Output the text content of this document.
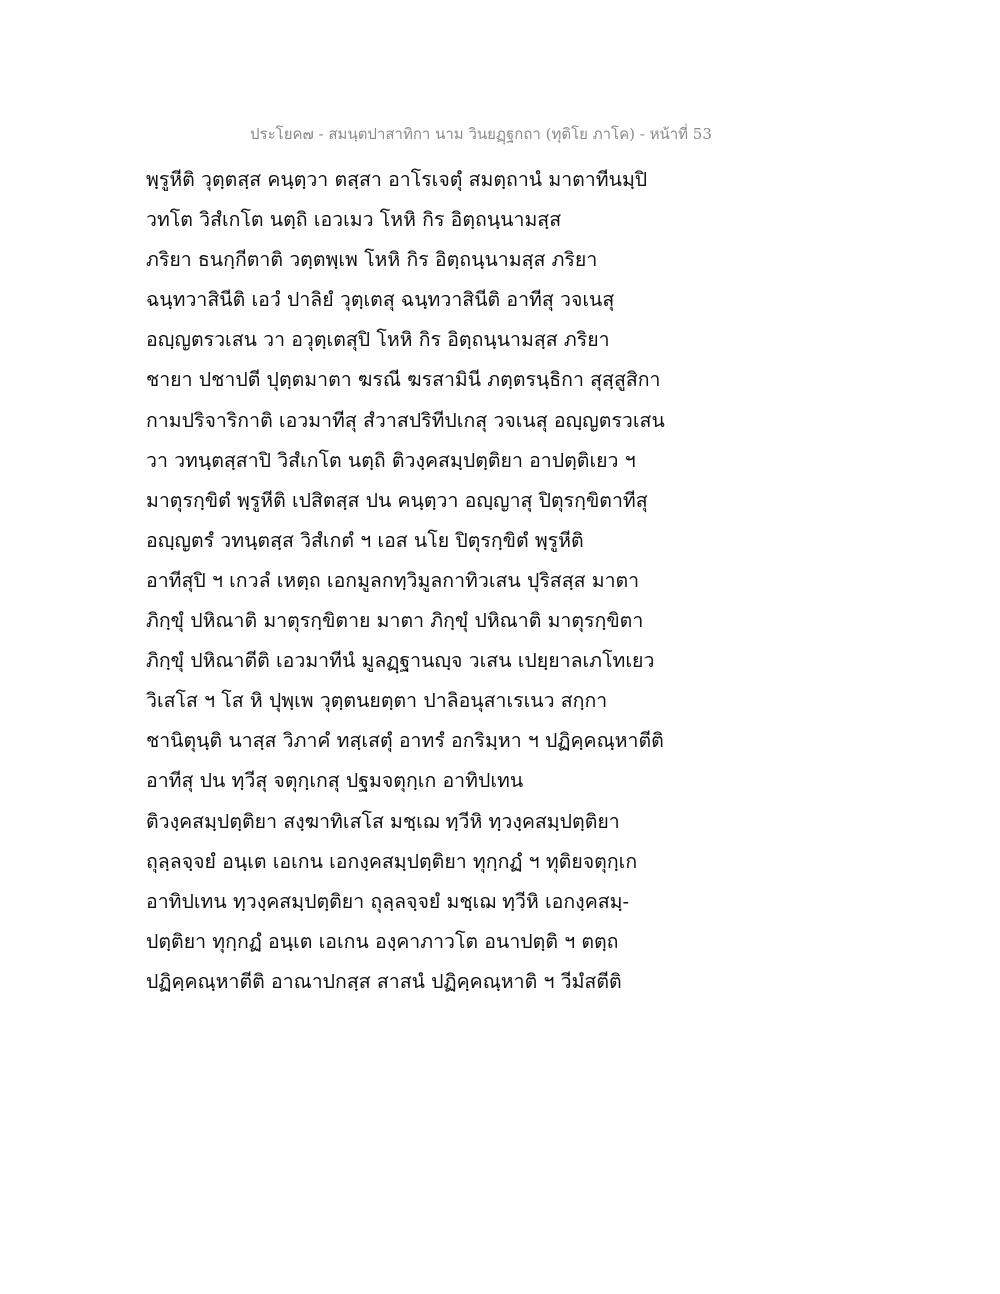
ประโยค๗ - สมนฺตปาสาทิกา นาม วินยฏฺฐกถา (ทุติโย ภาโค) - หน้าที่ 53
พฺรูหีติ วุตฺตสฺส คนฺตฺวา ตสฺสา อาโรเจตุํ สมตฺถานํ มาตาทีนมฺปิ
วทโต วิสํเกโต นตฺถิ เอวเมว โหหิ กิร อิตฺถนฺนามสฺส
ภริยา ธนกฺกีตาติ วตฺตพฺเพ โหหิ กิร อิตฺถนฺนามสฺส ภริยา
ฉนฺทวาสินีติ เอวํ ปาลิยํ วุตฺเตสุ ฉนฺทวาสินีติ อาทีสุ วจเนสุ
อญฺญตรวเสน วา อวุตฺเตสุปิ โหหิ กิร อิตฺถนฺนามสฺส ภริยา
ชายา ปชาปตี ปุตฺตมาตา ฆรณี ฆรสามินี ภตฺตรนฺธิกา สุสฺสูสิกา
กามปริจาริกาติ เอวมาทีสุ สํวาสปริทีปเกสุ วจเนสุ อญฺญตรวเสน
วา วทนฺตสฺสาปิ วิสํเกโต นตฺถิ ติวงฺคสมฺปตฺติยา อาปตฺติเยว ฯ
มาตุรกฺขิตํ พฺรูหีติ เปสิตสฺส ปน คนฺตฺวา อญฺญาสุ ปิตุรกฺขิตาทีสุ
อญฺญตรํ วทนฺตสฺส วิสํเกตํ ฯ เอส นโย ปิตุรกฺขิตํ พฺรูหีติ
อาทีสุปิ ฯ เกวลํ เหตฺถ เอกมูลกทฺวิมูลกาทิวเสน ปุริสสฺส มาตา
ภิกฺขุํ ปหิณาติ มาตุรกฺขิตาย มาตา ภิกฺขุํ ปหิณาติ มาตุรกฺขิตา
ภิกฺขุํ ปหิณาตีติ เอวมาทีนํ มูลฏฺฐานญฺจ วเสน เปยฺยาลเภโทเยว
วิเสโส ฯ โส หิ ปุพฺเพ วุตฺตนยตฺตา ปาลิอนุสาเรเนว สกฺกา
ชานิตุนฺติ นาสฺส วิภาคํ ทสฺเสตุํ อาทรํ อกริมฺหา ฯ ปฏิคฺคณฺหาตีติ
อาทีสุ ปน ทฺวีสุ จตุกฺเกสุ ปฐมจตุกฺเก อาทิปเทน
ติวงฺคสมฺปตฺติยา สงฺฆาทิเสโส มชฺเฌ ทฺวีหิ ทฺวงฺคสมฺปตฺติยา
ถุลฺลจฺจยํ อนฺเต เอเกน เอกงฺคสมฺปตฺติยา ทุกฺกฏํ ฯ ทุติยจตุกฺเก
อาทิปเทน ทฺวงฺคสมฺปตฺติยา ถุลฺลจฺจยํ มชฺเฌ ทฺวีหิ เอกงฺคสมฺ-
ปตฺติยา ทุกฺกฏํ อนฺเต เอเกน องฺคาภาวโต อนาปตฺติ ฯ ตตฺถ
ปฏิคฺคณฺหาตีติ อาณาปกสฺส สาสนํ ปฏิคฺคณฺหาติ ฯ วีมํสตีติ
